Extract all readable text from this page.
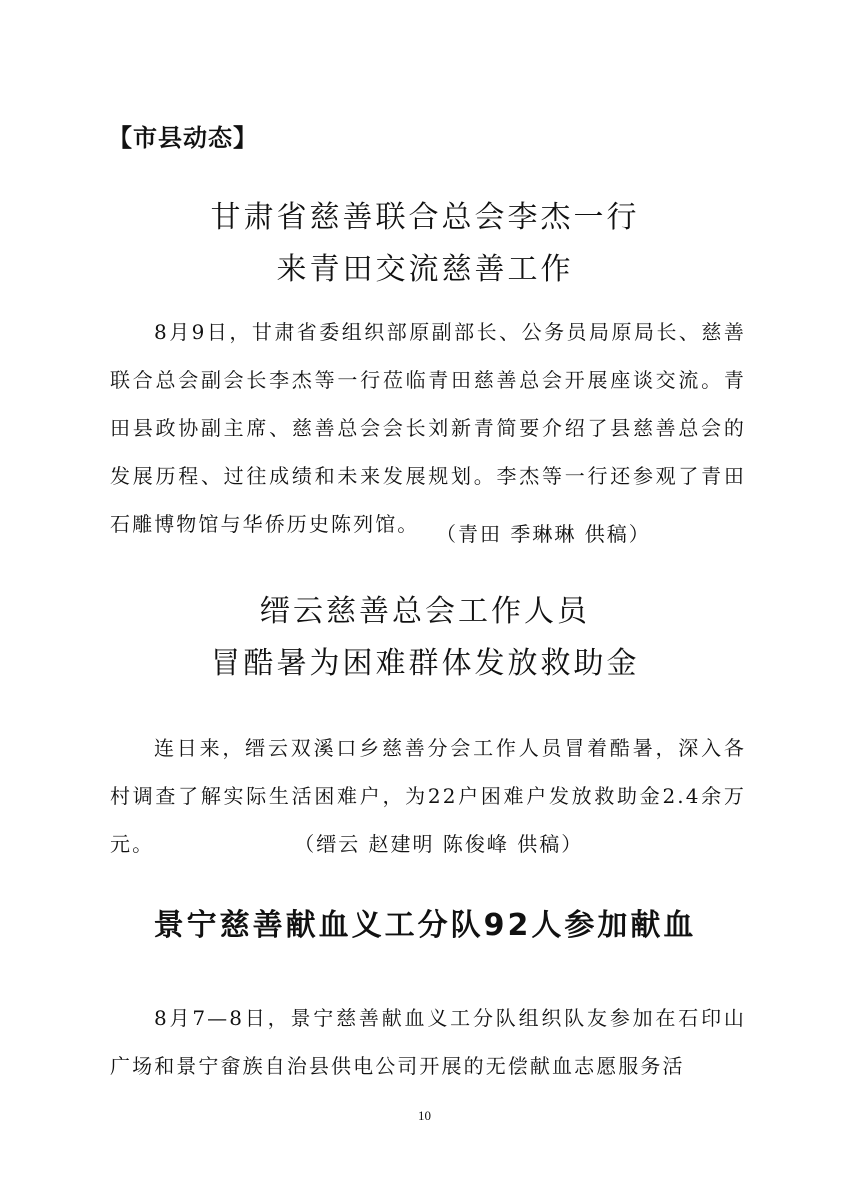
【市县动态】
甘肃省慈善联合总会李杰一行
来青田交流慈善工作

8月9日，甘肃省委组织部原副部长、公务员局原局长、慈善联合总会副会长李杰等一行莅临青田慈善总会开展座谈交流。青田县政协副主席、慈善总会会长刘新青简要介绍了县慈善总会的发展历程、过往成绩和未来发展规划。李杰等一行还参观了青田石雕博物馆与华侨历史陈列馆。 （青田 季琳琳 供稿）
缙云慈善总会工作人员
冒酷暑为困难群体发放救助金

连日来，缙云双溪口乡慈善分会工作人员冒着酷暑，深入各村调查了解实际生活困难户，为22户困难户发放救助金2.4余万元。	（缙云 赵建明 陈俊峰 供稿）

景宁慈善献血义工分队92人参加献血

8月7—8日，景宁慈善献血义工分队组织队友参加在石印山广场和景宁畲族自治县供电公司开展的无偿献血志愿服务活

10
